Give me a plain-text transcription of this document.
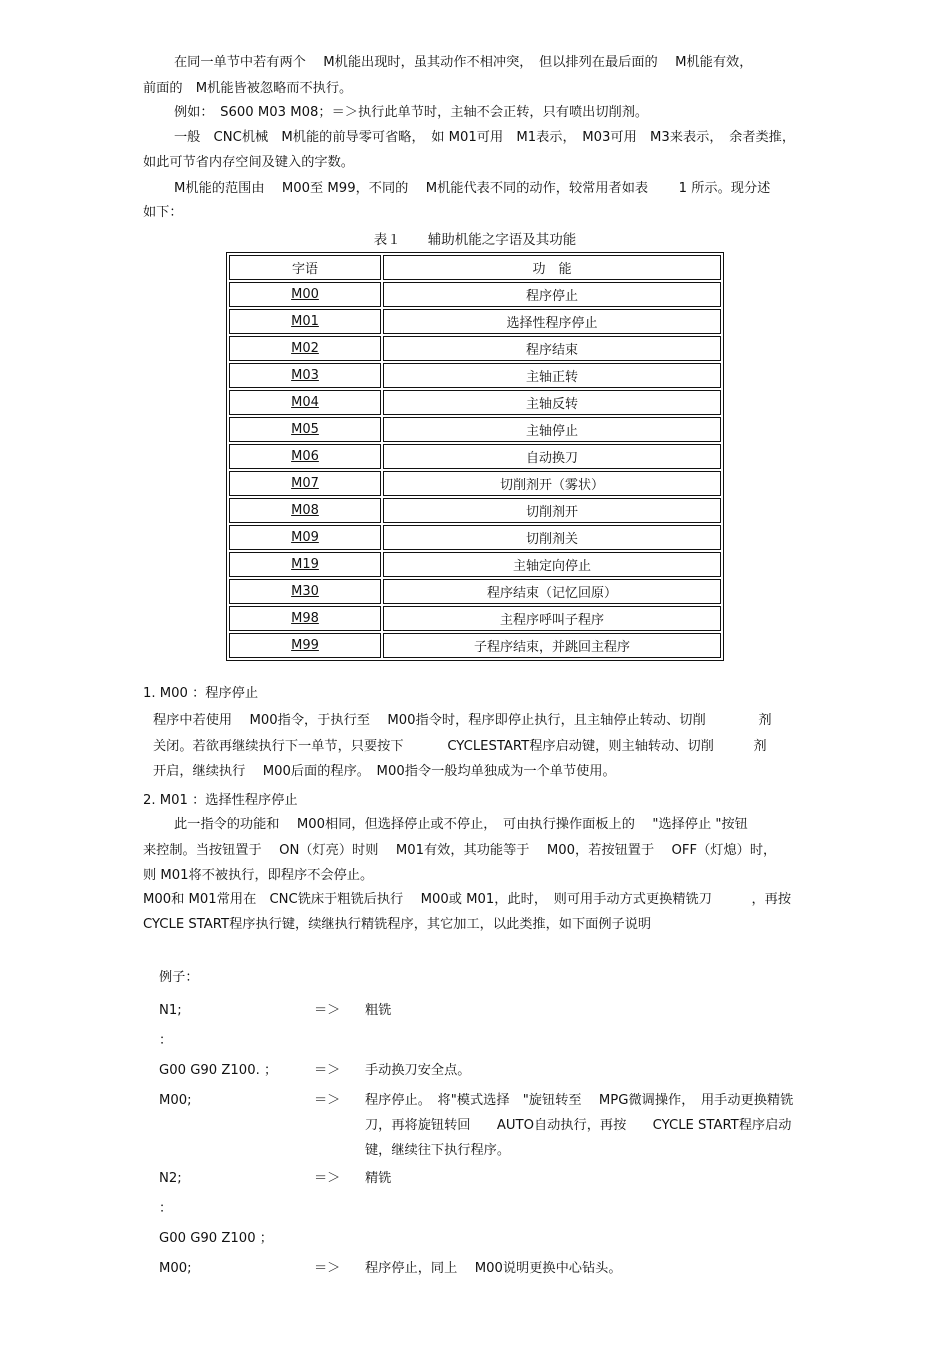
在同一单节中若有两个　 M机能出现时，虽其动作不相冲突，　但以排列在最后面的　 M机能有效，
前面的　M机能皆被忽略而不执行。
例如：　S600 M03 M08；＝＞执行此单节时，主轴不会正转，只有喷出切削剂。
一般　CNC机械　M机能的前导零可省略，　如 M01可用　M1表示，　M03可用　M3来表示，　余者类推，
如此可节省内存空间及键入的字数。
M机能的范围由　 M00至 M99，不同的　 M机能代表不同的动作，较常用者如表　　 1 所示。现分述
如下：
表１　　辅助机能之字语及其功能
字语	功　能
M00	程序停止
M01	选择性程序停止
M02	程序结束
M03	主轴正转
M04	主轴反转
M05	主轴停止
M06	自动换刀
M07	切削剂开（雾状）
M08	切削剂开
M09	切削剂关
M19	主轴定向停止
M30	程序结束（记忆回原）
M98	主程序呼叫子程序
M99	子程序结束，并跳回主程序
1. M00 ：程序停止
程序中若使用　 M00指令，于执行至　 M00指令时，程序即停止执行，且主轴停止转动、切削　　　　剂
关闭。若欲再继续执行下一单节，只要按下　　　 CYCLESTART程序启动键，则主轴转动、切削　　　剂
开启，继续执行　 M00后面的程序。　M00指令一般均单独成为一个单节使用。
2. M01 ：选择性程序停止
此一指令的功能和　 M00相同，但选择停止或不停止，　可由执行操作面板上的　 "选择停止 "按钮
来控制。当按钮置于　 ON（灯亮）时则　 M01有效，其功能等于　 M00，若按钮置于　 OFF（灯熄）时，
则 M01将不被执行，即程序不会停止。
M00和 M01常用在　CNC铣床于粗铣后执行　 M00或 M01，此时，　则可用手动方式更换精铣刀　　　，再按
CYCLE START程序执行键，续继执行精铣程序，其它加工，以此类推，如下面例子说明
例子：
N1;	＝＞ 粗铣
：
G00 G90 Z100. ；	＝＞ 手动换刀安全点。
M00;	＝＞ 程序停止。　将"模式选择　"旋钮转至　 MPG微调操作，　用手动更换精铣刀，再将旋钮转回　　AUTO自动执行，再按　　CYCLE START程序启动键，继续往下执行程序。
N2;	＝＞ 精铣
：
G00 G90 Z100 ；
M00;	＝＞ 程序停止，同上　 M00说明更换中心钻头。
